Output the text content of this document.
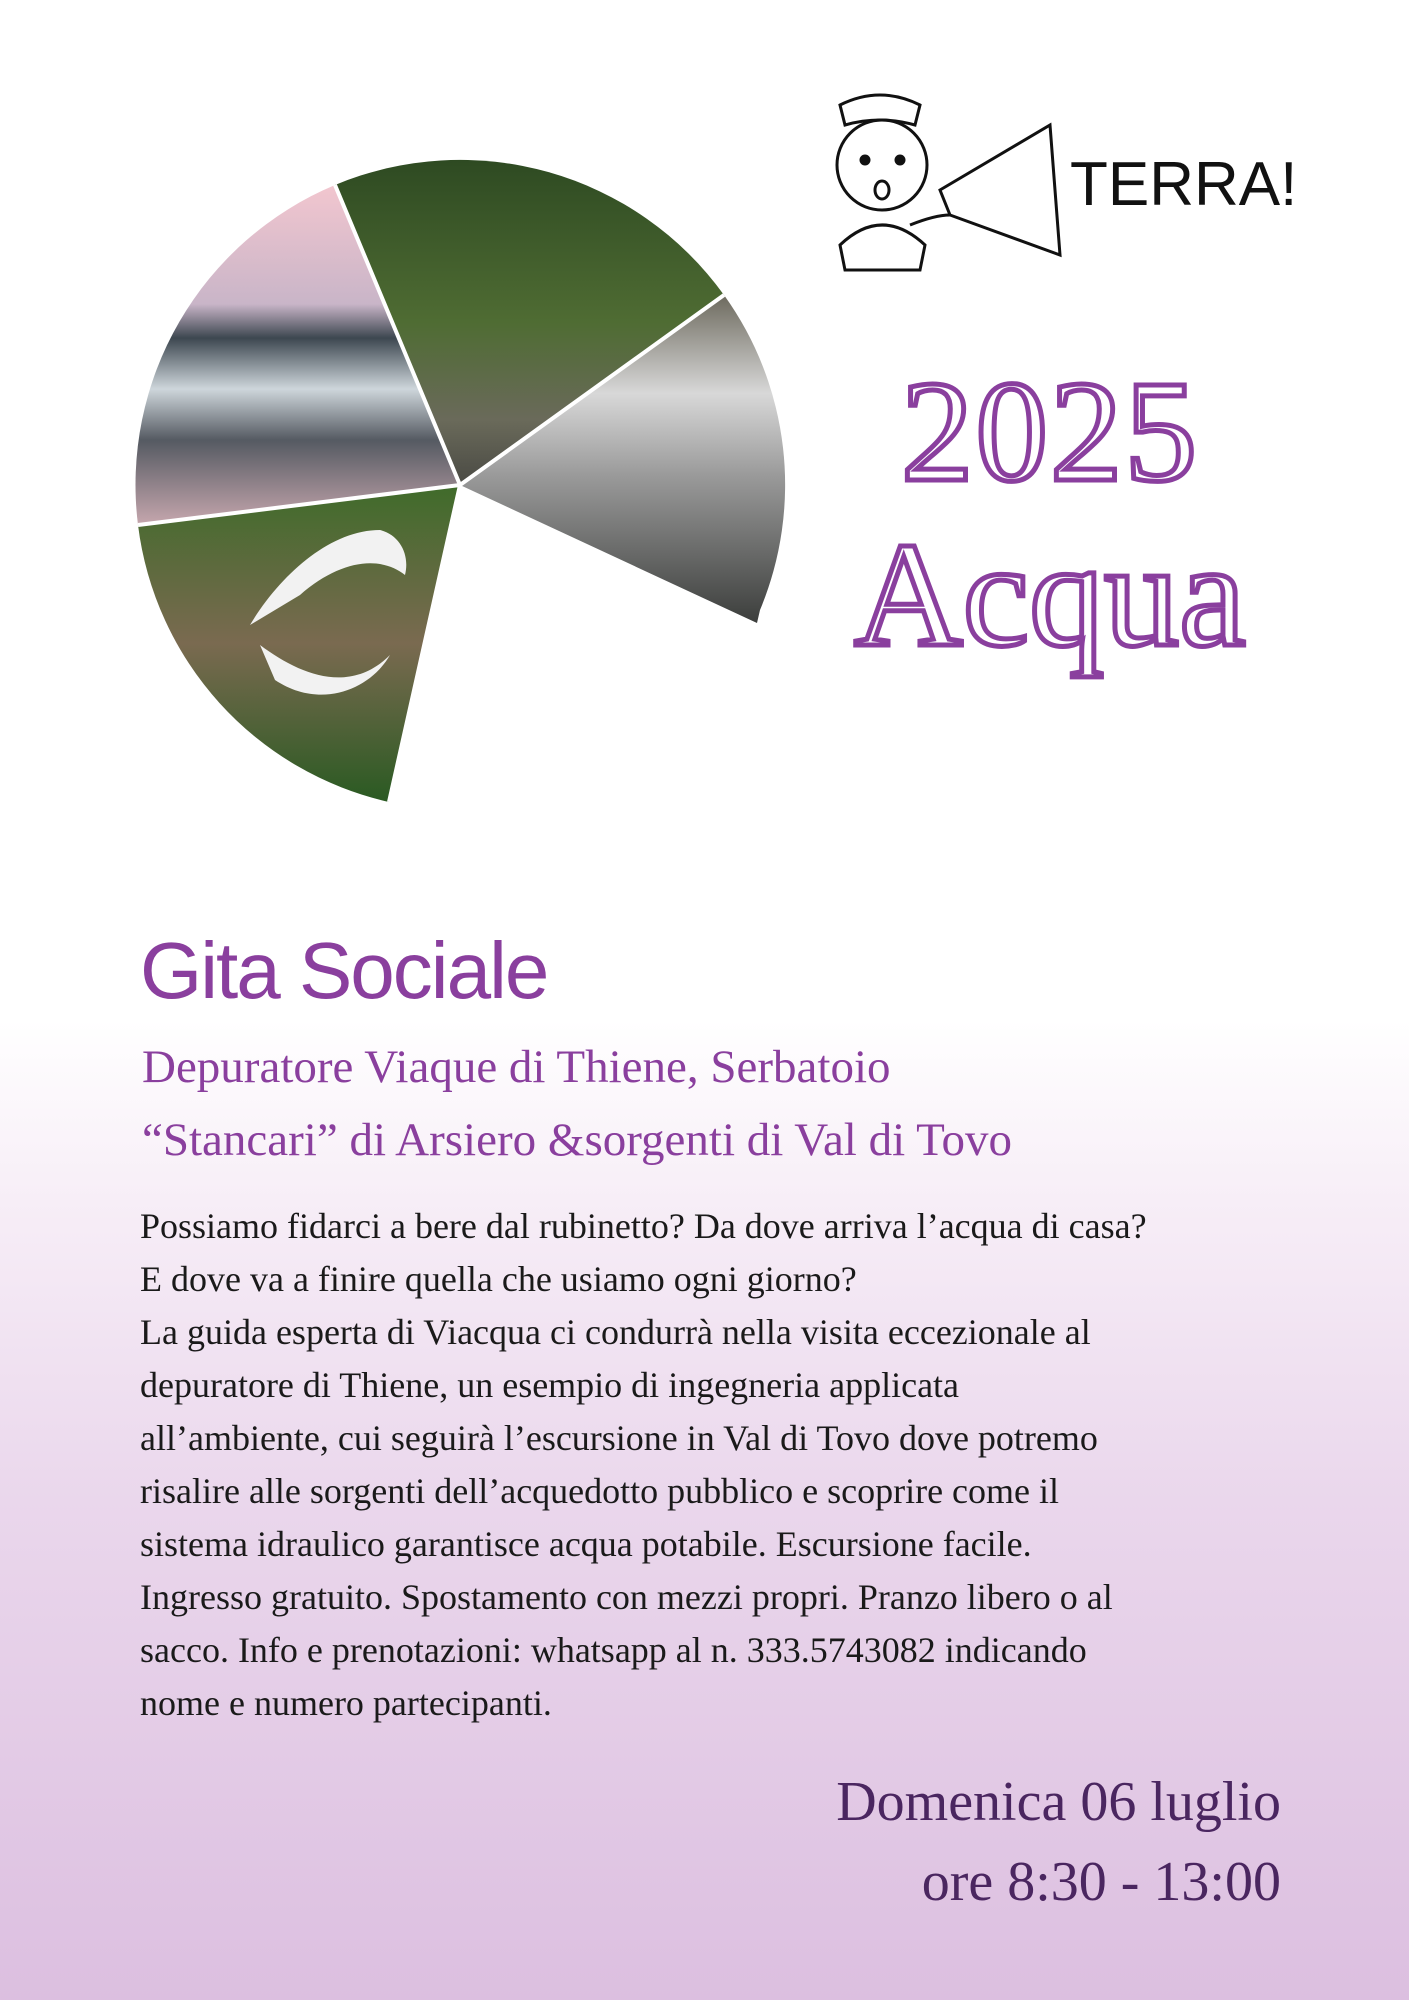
TERRA!
2025
Acqua
Gita Sociale
Depuratore Viaque di Thiene, Serbatoio
“Stancari” di Arsiero &sorgenti di Val di Tovo

Possiamo fidarci a bere dal rubinetto? Da dove arriva l’acqua di casa?

E dove va a finire quella che usiamo ogni giorno?

La guida esperta di Viacqua ci condurrà nella visita eccezionale al

depuratore di Thiene, un esempio di ingegneria applicata

all’ambiente, cui seguirà l’escursione in Val di Tovo dove potremo

risalire alle sorgenti dell’acquedotto pubblico e scoprire come il

sistema idraulico garantisce acqua potabile. Escursione facile.

Ingresso gratuito. Spostamento con mezzi propri. Pranzo libero o al

sacco. Info e prenotazioni: whatsapp al n. 333.5743082 indicando

nome e numero partecipanti.

Domenica 06 luglio
ore 8:30 - 13:00
